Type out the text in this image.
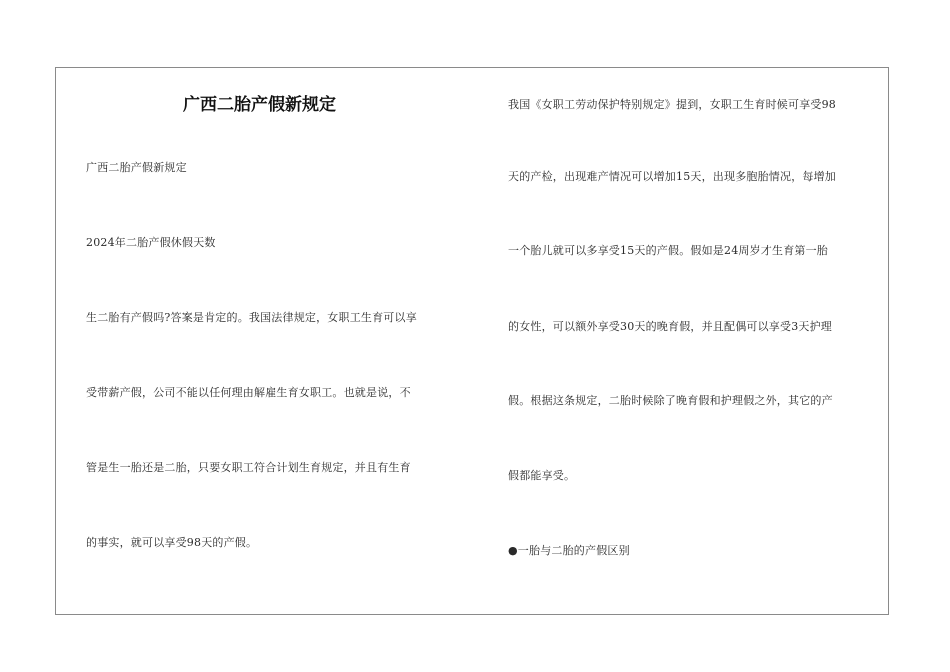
广西二胎产假新规定
广西二胎产假新规定
2024年二胎产假休假天数
生二胎有产假吗?答案是肯定的。我国法律规定，女职工生育可以享
受带薪产假，公司不能以任何理由解雇生育女职工。也就是说，不
管是生一胎还是二胎，只要女职工符合计划生育规定，并且有生育
的事实，就可以享受98天的产假。
我国《女职工劳动保护特别规定》提到，女职工生育时候可享受98
天的产检，出现难产情况可以增加15天，出现多胞胎情况，每增加
一个胎儿就可以多享受15天的产假。假如是24周岁才生育第一胎
的女性，可以额外享受30天的晚育假，并且配偶可以享受3天护理
假。根据这条规定，二胎时候除了晚育假和护理假之外，其它的产
假都能享受。
●一胎与二胎的产假区别
